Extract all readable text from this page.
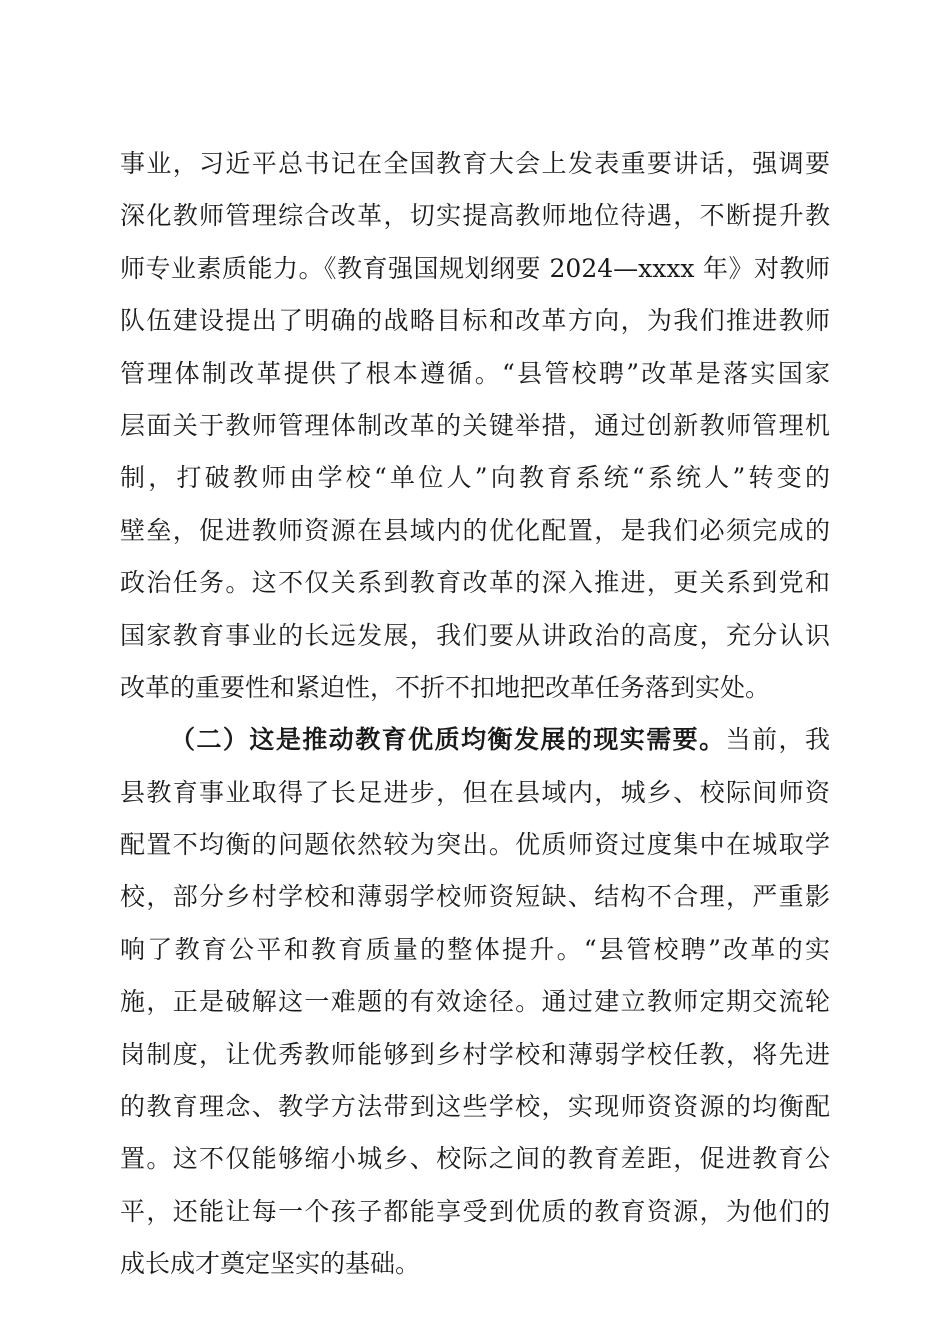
事业，习近平总书记在全国教育大会上发表重要讲话，强调要
深化教师管理综合改革，切实提高教师地位待遇，不断提升教
师专业素质能力。《教育强国规划纲要 2024—xxxx 年》对教师
队伍建设提出了明确的战略目标和改革方向，为我们推进教师
管理体制改革提供了根本遵循。“县管校聘”改革是落实国家
层面关于教师管理体制改革的关键举措，通过创新教师管理机
制，打破教师由学校“单位人”向教育系统“系统人”转变的
壁垒，促进教师资源在县域内的优化配置，是我们必须完成的
政治任务。这不仅关系到教育改革的深入推进，更关系到党和
国家教育事业的长远发展，我们要从讲政治的高度，充分认识
改革的重要性和紧迫性，不折不扣地把改革任务落到实处。
（二）这是推动教育优质均衡发展的现实需要。当前，我
县教育事业取得了长足进步，但在县域内，城乡、校际间师资
配置不均衡的问题依然较为突出。优质师资过度集中在城取学
校，部分乡村学校和薄弱学校师资短缺、结构不合理，严重影
响了教育公平和教育质量的整体提升。“县管校聘”改革的实
施，正是破解这一难题的有效途径。通过建立教师定期交流轮
岗制度，让优秀教师能够到乡村学校和薄弱学校任教，将先进
的教育理念、教学方法带到这些学校，实现师资资源的均衡配
置。这不仅能够缩小城乡、校际之间的教育差距，促进教育公
平，还能让每一个孩子都能享受到优质的教育资源，为他们的
成长成才奠定坚实的基础。
